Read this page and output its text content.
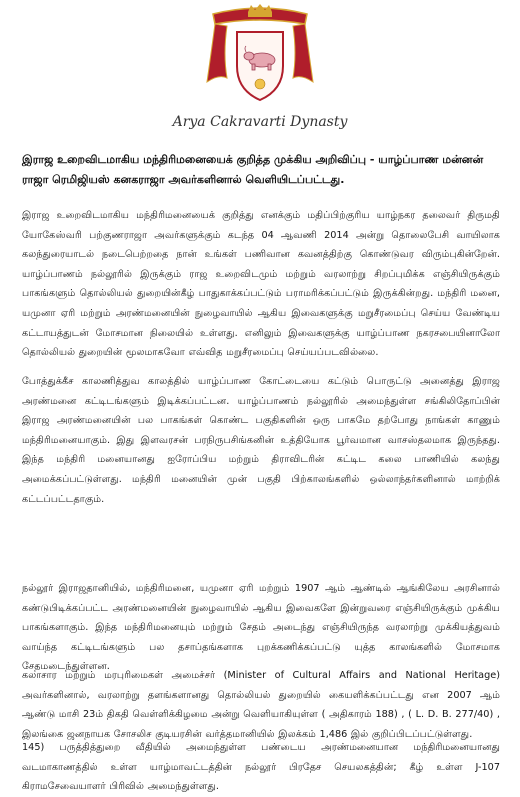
Arya Cakravarti Dynasty
இராஜ உறைவிடமாகிய மந்திரிமனையைக் குறித்த முக்கிய அறிவிப்பு - யாழ்ப்பாண மன்னன் ராஜா ரெமிஜியஸ் கனகராஜா அவர்களினால் வெளியிடப்பட்டது.

இராஜ உறைவிடமாகிய மந்திரிமனையைக் குறித்து எனக்கும் மதிப்பிற்குரிய யாழ்நகர தலைவர் திருமதி யோகேஸ்வரி பற்குணராஜா அவர்களுக்கும் கடந்த 04 ஆவணி 2014 அன்று தொலைபேசி வாயிலாக கலந்துரையாடல் நடைபெற்றதை நான் உங்கள் பணிவான கவனத்திற்கு கொண்டுவர விரும்புகின்றேன். யாழ்ப்பாணம் நல்லூரில் இருக்கும் ராஜ உறைவிடமும் மற்றும் வரலாற்று சிறப்புமிக்க எஞ்சியிருக்கும் பாகங்களும் தொல்லியல் துறையின்கீழ் பாதுகாக்கப்பட்டும் பராமரிக்கப்பட்டும் இருக்கின்றது. மந்திரி மனை, யமுனா ஏரி மற்றும் அரண்மனையின் நுழைவாயில் ஆகிய இவைகளுக்கு மறுசீரமைப்பு செய்ய வேண்டிய கட்டாயத்துடன் மோசமான நிலையில் உள்ளது. எனிலும் இவைகளுக்கு யாழ்ப்பாண நகரசபையினாலோ தொல்லியல் துறையின் மூலமாகவோ எவ்வித மறுசீரமைப்பு செய்யப்படவில்லை.

போத்துக்கீச காலணித்துவ காலத்தில் யாழ்ப்பாண கோட்டையை கட்டும் பொருட்டு அனைத்து இராஜ அரண்மனை கட்டிடங்களும் இடிக்கப்பட்டன. யாழ்ப்பாணம் நல்லூரில் அமைந்துள்ள சங்கிலிதோப்பின் இராஜ அரண்மனையின் பல பாகங்கள் கொண்ட பகுதிகளின் ஒரு பாகமே தற்போது நாங்கள் காணும் மந்திரிமனையாகும். இது இளவரசன் பரநிருபசிங்கனின் உத்தியோக பூர்வமான வாசஸ்தலமாக இருந்தது. இந்த மந்திரி மனையானது ஐரோப்பிய மற்றும் திராவிடரின் கட்டிட கலை பாணியில் கலந்து அமைக்கப்பட்டுள்ளது. மந்திரி மனையின் முன் பகுதி பிற்காலங்களில் ஒல்லாந்தர்களினால் மாற்றிக் கட்டப்பட்டதாகும்.

நல்லூர் இராஜதானியில், மந்திரிமனை, யமுனா ஏரி மற்றும் 1907 ஆம் ஆண்டில் ஆங்கிலேய அரசினால் கண்டுபிடிக்கப்பட்ட அரண்மனையின் நுழைவாயில் ஆகிய இவைகளே இன்றுவரை எஞ்சியிருக்கும் முக்கிய பாகங்களாகும். இந்த மந்திரிமனையும் மற்றும் சேதம் அடைந்து எஞ்சியிருந்த வரலாற்று முக்கியத்துவம் வாய்ந்த கட்டிடங்களும் பல தசாப்தங்களாக புறக்கணிக்கப்பட்டு யுத்த காலங்களில் மோசமாக சேதமடைந்துள்ளன.

கலாசார மற்றும் மரபுரிமைகள் அமைச்சர் (Minister of Cultural Affairs and National Heritage) அவர்களினால், வரலாற்று தளங்களானது தொல்லியல் துறையில் கையளிக்கப்பட்டது என 2007 ஆம் ஆண்டு மாசி 23ம் திகதி வெள்ளிக்கிழமை அன்று வெளியாகியுள்ள ( அதிகாரம் 188) , ( L. D. B. 277/40) , இலங்கை ஜனநாயக சோசலிச குடியரசின் வர்த்தமானியில் இலக்கம் 1,486 இல் குறிப்பிடப்பட்டுள்ளது.

145) பருத்தித்துறை வீதியில் அமைந்துள்ள பண்டைய அரண்மனையான மந்திரிமனையானது வடமாகாணத்தில் உள்ள யாழ்மாவட்டத்தின் நல்லூர் பிரதேச செயலகத்தின்; கீழ் உள்ள J-107 கிராமசேவையாளர் பிரிவில் அமைந்துள்ளது.
